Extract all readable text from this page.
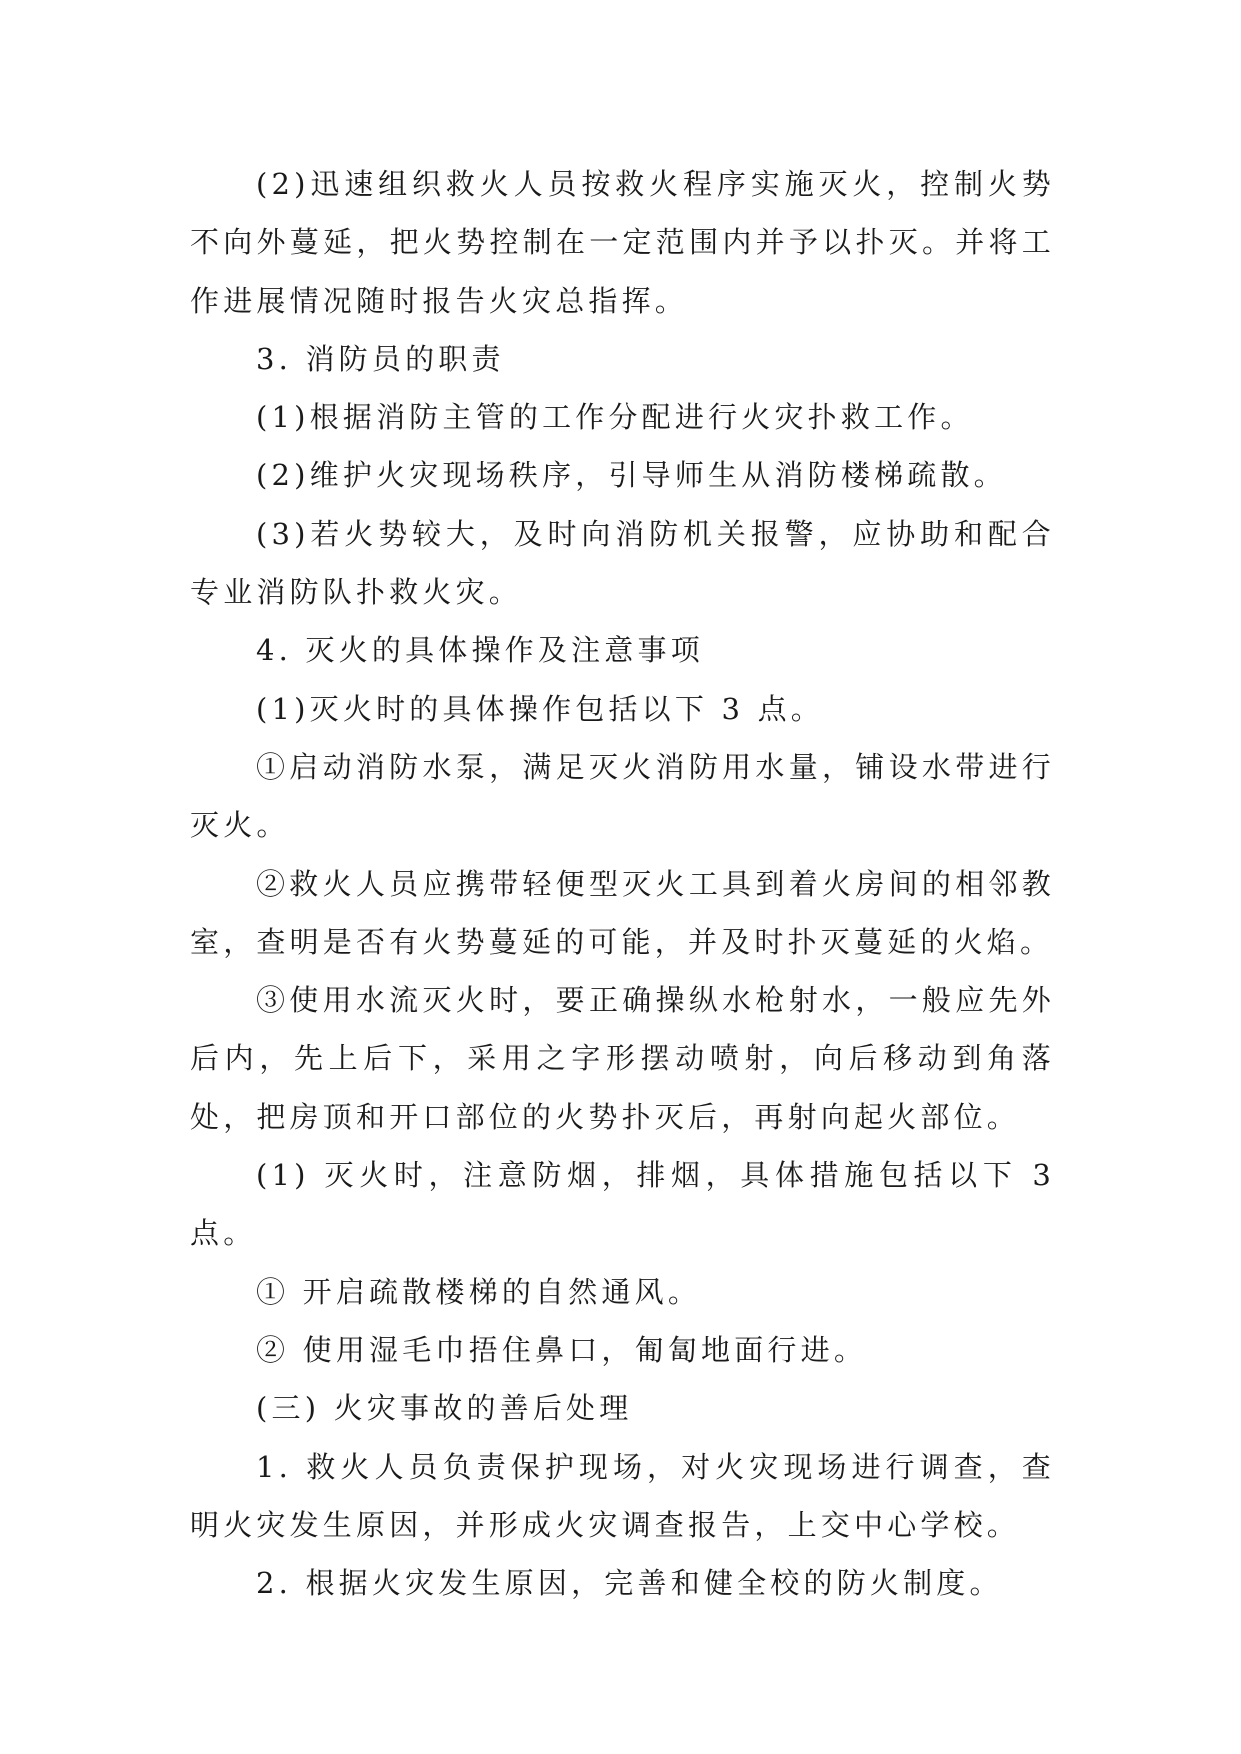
(2)迅速组织救火人员按救火程序实施灭火，控制火势不向外蔓延，把火势控制在一定范围内并予以扑灭。并将工作进展情况随时报告火灾总指挥。

3. 消防员的职责

(1)根据消防主管的工作分配进行火灾扑救工作。

(2)维护火灾现场秩序，引导师生从消防楼梯疏散。

(3)若火势较大，及时向消防机关报警，应协助和配合专业消防队扑救火灾。

4. 灭火的具体操作及注意事项

(1)灭火时的具体操作包括以下 3 点。

①启动消防水泵，满足灭火消防用水量，铺设水带进行灭火。

②救火人员应携带轻便型灭火工具到着火房间的相邻教室，查明是否有火势蔓延的可能，并及时扑灭蔓延的火焰。

③使用水流灭火时，要正确操纵水枪射水，一般应先外后内，先上后下，采用之字形摆动喷射，向后移动到角落处，把房顶和开口部位的火势扑灭后，再射向起火部位。

(1) 灭火时，注意防烟，排烟，具体措施包括以下 3 点。

① 开启疏散楼梯的自然通风。

② 使用湿毛巾捂住鼻口，匍匐地面行进。

(三) 火灾事故的善后处理

1. 救火人员负责保护现场，对火灾现场进行调查，查明火灾发生原因，并形成火灾调查报告，上交中心学校。

2. 根据火灾发生原因，完善和健全校的防火制度。
